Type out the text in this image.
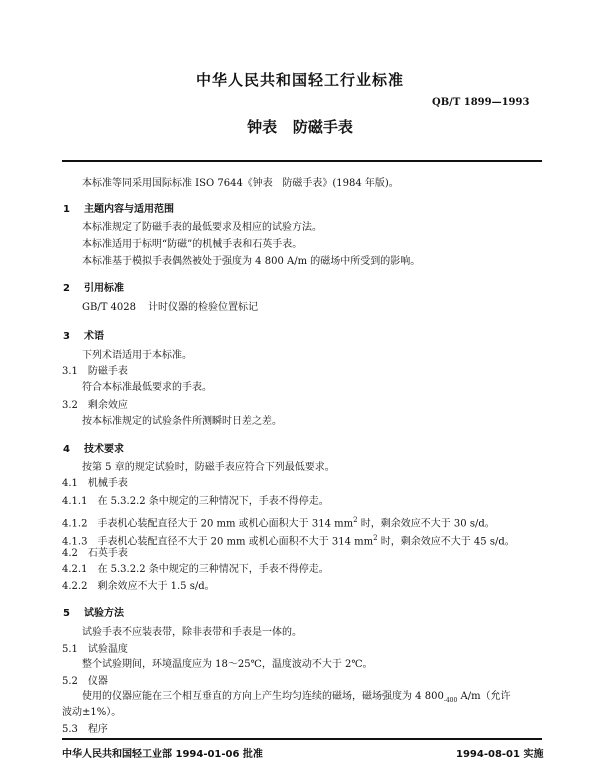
中华人民共和国轻工行业标准
QB/T 1899—1993
钟表   防磁手表
本标准等同采用国际标准 ISO 7644《钟表   防磁手表》(1984 年版)。
1 主题内容与适用范围
本标准规定了防磁手表的最低要求及相应的试验方法。
本标准适用于标明“防磁”的机械手表和石英手表。
本标准基于模拟手表偶然被处于强度为 4 800 A/m 的磁场中所受到的影响。
2 引用标准
GB/T 4028 计时仪器的检验位置标记
3 术语
下列术语适用于本标准。
3.1 防磁手表
符合本标准最低要求的手表。
3.2 剩余效应
按本标准规定的试验条件所测瞬时日差之差。
4 技术要求
按第 5 章的规定试验时，防磁手表应符合下列最低要求。
4.1 机械手表
4.1.1 在 5.3.2.2 条中规定的三种情况下，手表不得停走。
4.1.2 手表机心装配直径大于 20 mm 或机心面积大于 314 $mm^2$ 时，剩余效应不大于 30 s/d。
4.1.3 手表机心装配直径不大于 20 mm 或机心面积不大于 314 $mm^2$ 时，剩余效应不大于 45 s/d。
4.2 石英手表
4.2.1 在 5.3.2.2 条中规定的三种情况下，手表不得停走。
4.2.2 剩余效应不大于 1.5 s/d。
5 试验方法
试验手表不应装表带，除非表带和手表是一体的。
5.1 试验温度
整个试验期间，环境温度应为 18～25℃，温度波动不大于 2℃。
5.2 仪器
使用的仪器应能在三个相互垂直的方向上产生均匀连续的磁场，磁场强度为 4 $800_{-400}$ A/m（允许
波动±1%）。
5.3 程序
中华人民共和国轻工业部 1994-01-06 批准	1994-08-01 实施
